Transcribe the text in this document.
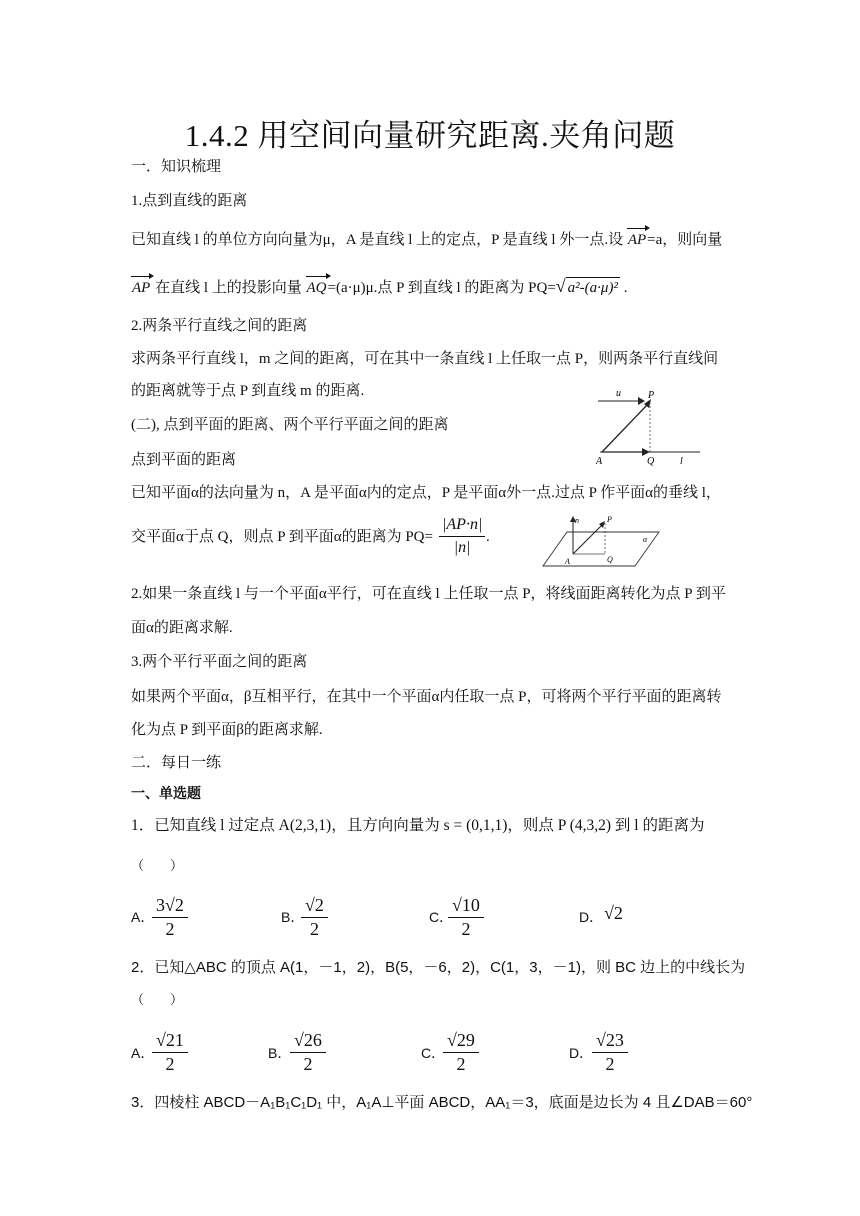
1.4.2 用空间向量研究距离.夹角问题
一．知识梳理
1.点到直线的距离
已知直线 l 的单位方向向量为μ，A 是直线 l 上的定点，P 是直线 l 外一点.设 AP=a，则向量
AP 在直线 l 上的投影向量 AQ=(a·μ)μ.点 P 到直线 l 的距离为 PQ=√ a²-(a·μ)² .
2.两条平行直线之间的距离
求两条平行直线 l，m 之间的距离，可在其中一条直线 l 上任取一点 P，则两条平行直线间
的距离就等于点 P 到直线 m 的距离.	u	P
A	Q	l
(二), 点到平面的距离、两个平行平面之间的距离
点到平面的距离
已知平面α的法向量为 n，A 是平面α内的定点，P 是平面α外一点.过点 P 作平面α的垂线 l，
交平面α于点 Q，则点 P 到平面α的距离为 $PQ= \frac{|AP\cdot n|}{|n|}$ .
n	P
A	Q
α
2.如果一条直线 l 与一个平面α平行，可在直线 l 上任取一点 P，将线面距离转化为点 P 到平
面α的距离求解.
3.两个平行平面之间的距离
如果两个平面α，β互相平行，在其中一个平面α内任取一点 P，可将两个平行平面的距离转
化为点 P 到平面β的距离求解.
二．每日一练
一、单选题
1．已知直线 l 过定点 A(2,3,1)，且方向向量为 s = (0,1,1)，则点 P (4,3,2) 到 l 的距离为
（　　）
A．
$\frac{3√2}{2}$	B．
$\frac{√2}{2}$	C．
$\frac{√10}{2}$	D． √2
2．已知△ABC 的顶点 A(1，－1，2)，B(5，－6，2)，C(1，3，－1)，则 BC 边上的中线长为
（　　）
A．
$\frac{√21}{2}$	B．
$\frac{√26}{2}$	C．
$\frac{√29}{2}$	D．
$\frac{√23}{2}$
3．四棱柱 ABCD－A₁B₁C₁D₁ 中，A₁A⊥平面 ABCD，AA₁＝3，底面是边长为 4 且∠DAB＝60°
